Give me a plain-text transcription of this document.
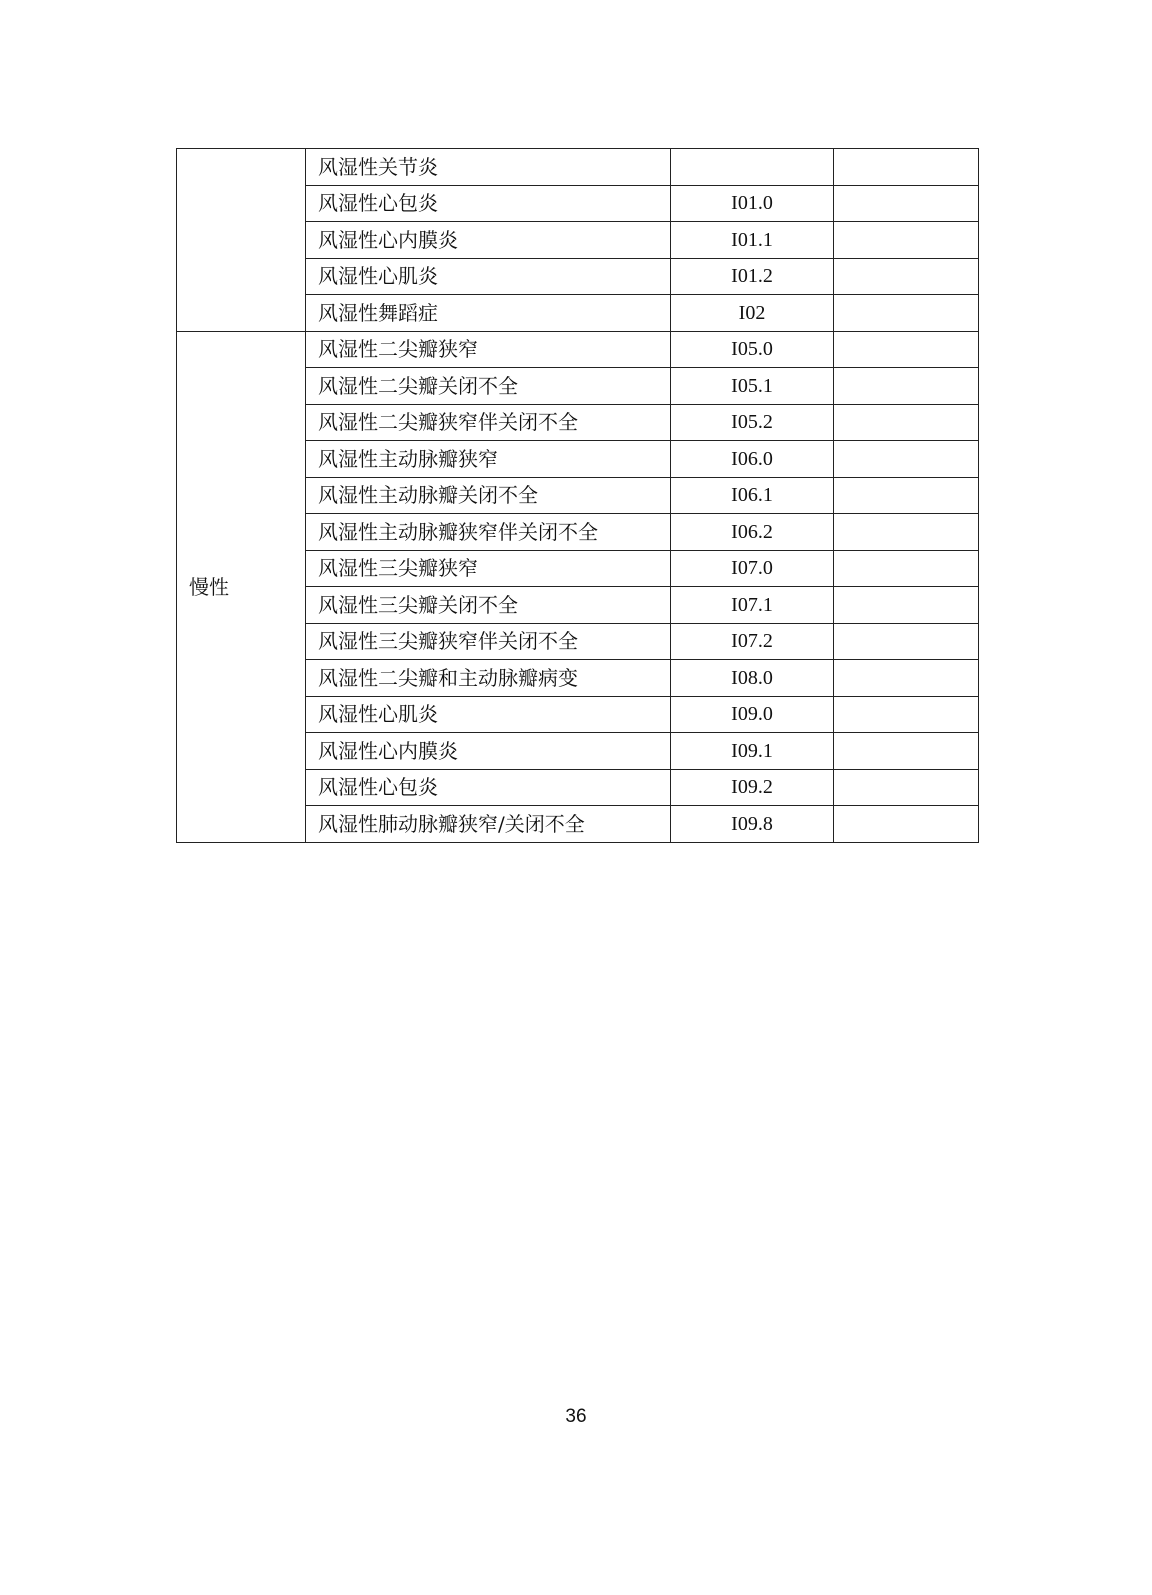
	风湿性关节炎		
	风湿性心包炎	I01.0	
	风湿性心内膜炎	I01.1	
	风湿性心肌炎	I01.2	
	风湿性舞蹈症	I02	
慢性	风湿性二尖瓣狭窄	I05.0	
	风湿性二尖瓣关闭不全	I05.1	
	风湿性二尖瓣狭窄伴关闭不全	I05.2	
	风湿性主动脉瓣狭窄	I06.0	
	风湿性主动脉瓣关闭不全	I06.1	
	风湿性主动脉瓣狭窄伴关闭不全	I06.2	
	风湿性三尖瓣狭窄	I07.0	
	风湿性三尖瓣关闭不全	I07.1	
	风湿性三尖瓣狭窄伴关闭不全	I07.2	
	风湿性二尖瓣和主动脉瓣病变	I08.0	
	风湿性心肌炎	I09.0	
	风湿性心内膜炎	I09.1	
	风湿性心包炎	I09.2	
	风湿性肺动脉瓣狭窄/关闭不全	I09.8	
36
